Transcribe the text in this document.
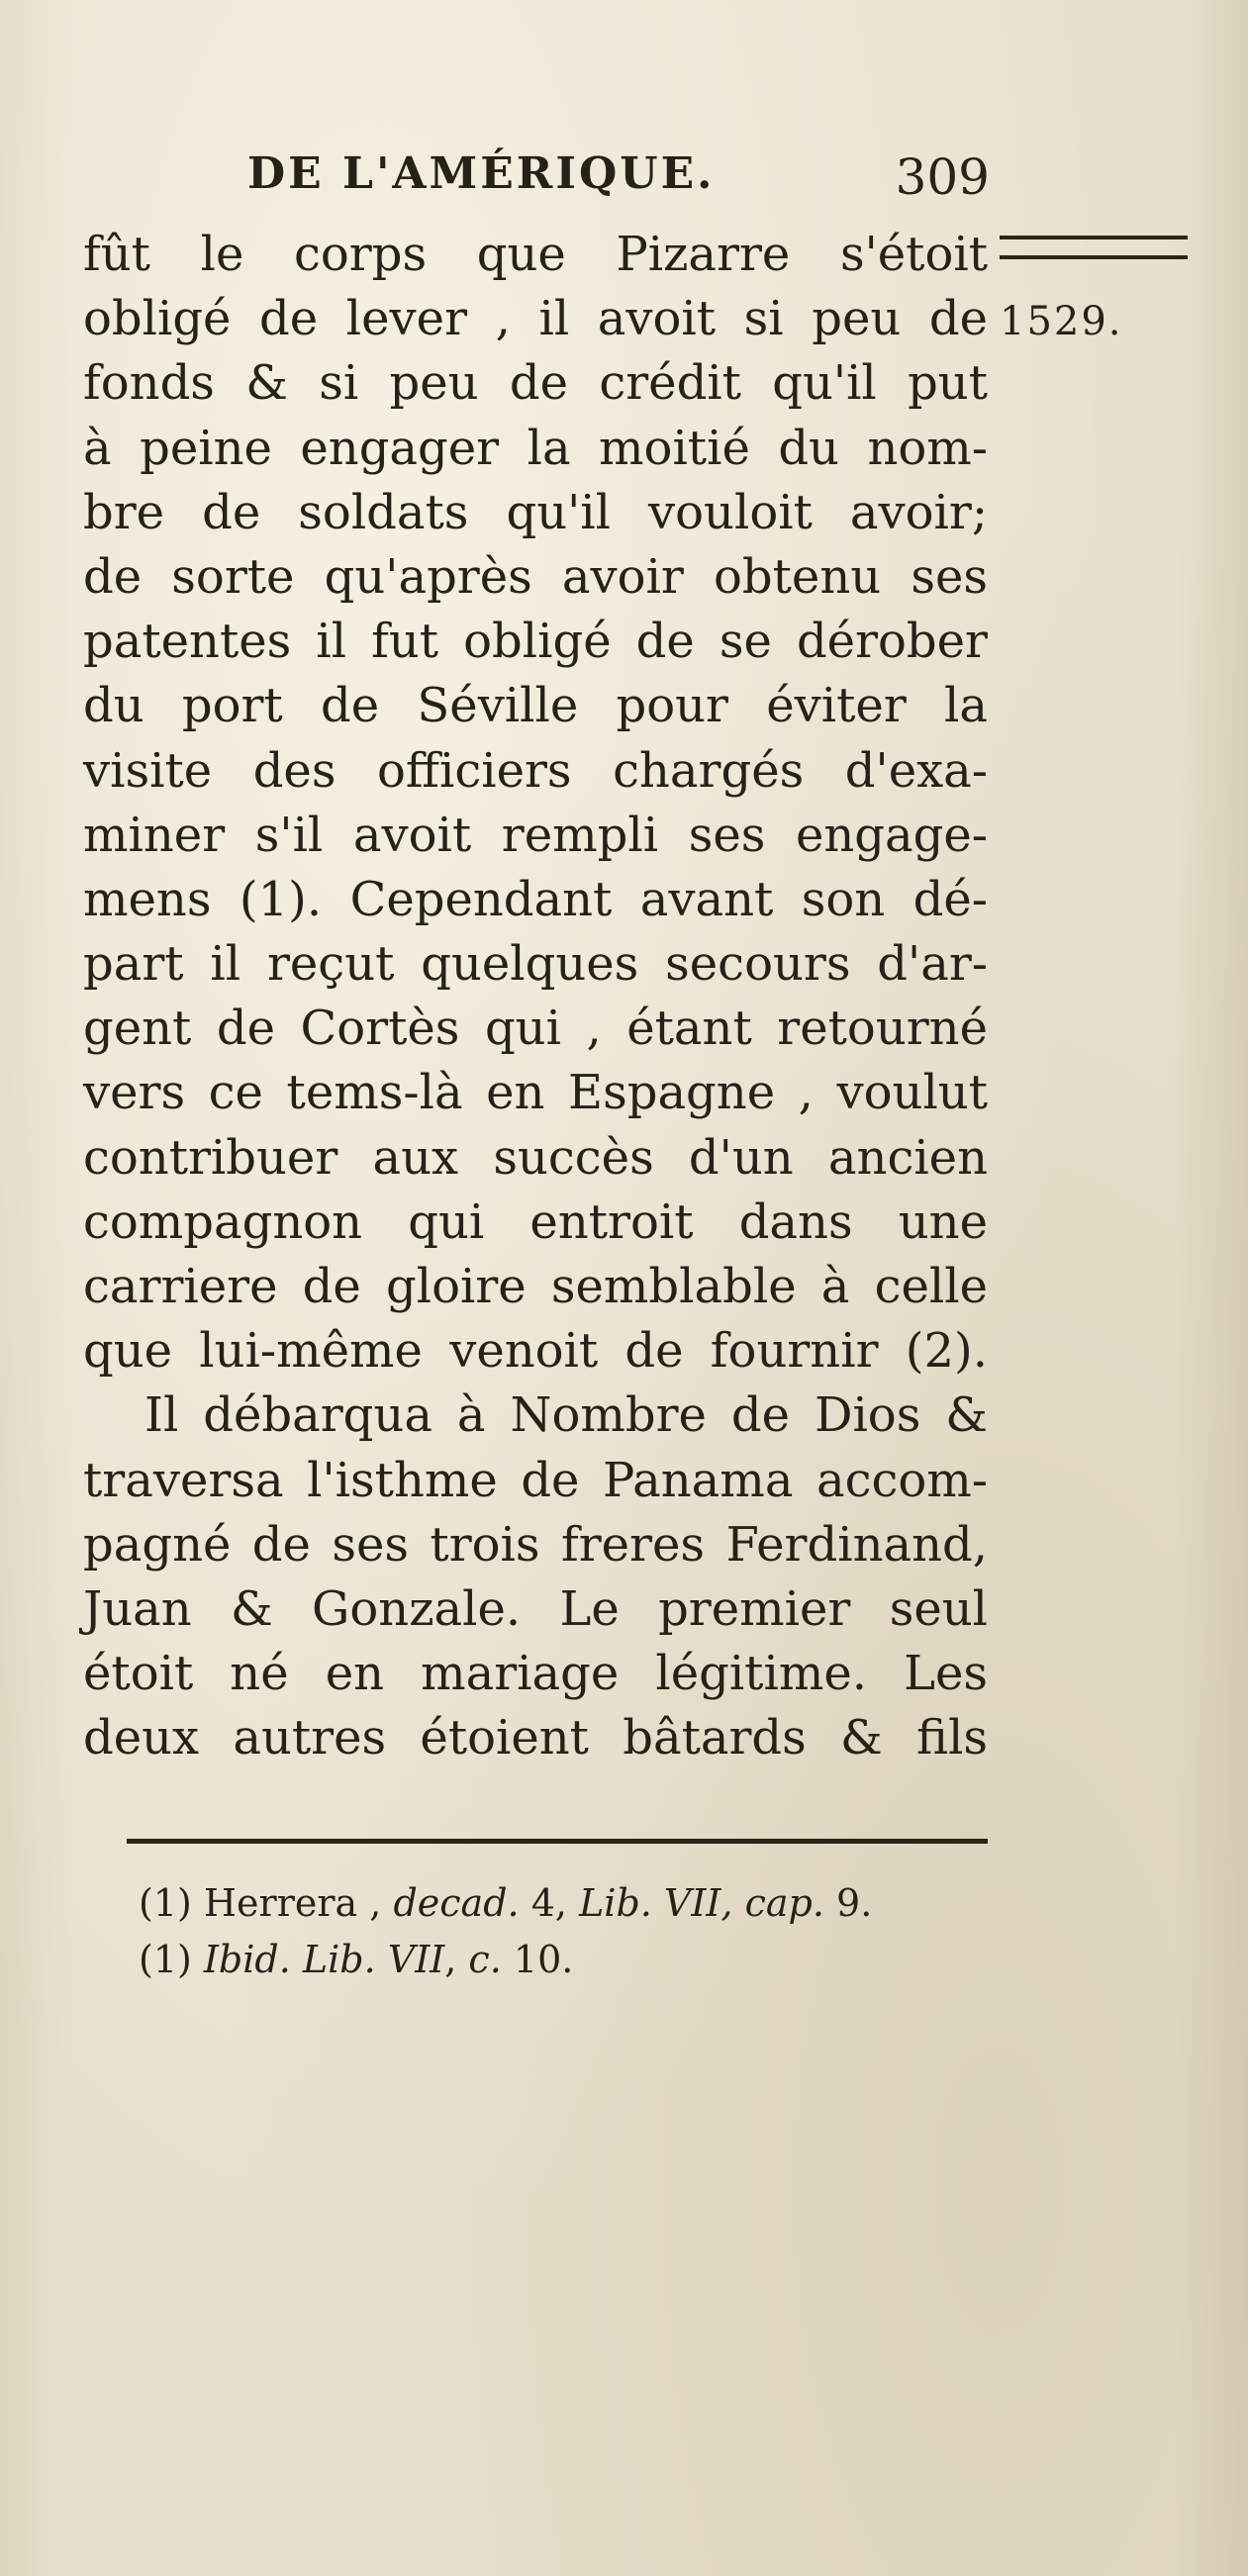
DE L'AMÉRIQUE.	309
1529.
fût le corps que Pizarre s'étoit
obligé de lever , il avoit si peu de
fonds & si peu de crédit qu'il put
à peine engager la moitié du nom-
bre de soldats qu'il vouloit avoir;
de sorte qu'après avoir obtenu ses
patentes il fut obligé de se dérober
du port de Séville pour éviter la
visite des officiers chargés d'exa-
miner s'il avoit rempli ses engage-
mens (1). Cependant avant son dé-
part il reçut quelques secours d'ar-
gent de Cortès qui , étant retourné
vers ce tems-là en Espagne , voulut
contribuer aux succès d'un ancien
compagnon qui entroit dans une
carriere de gloire semblable à celle
que lui-même venoit de fournir (2).
Il débarqua à Nombre de Dios &
traversa l'isthme de Panama accom-
pagné de ses trois freres Ferdinand,
Juan & Gonzale. Le premier seul
étoit né en mariage légitime. Les
deux autres étoient bâtards & fils
(1) Herrera , decad. 4, Lib. VII, cap. 9.
(1) Ibid. Lib. VII, c. 10.
